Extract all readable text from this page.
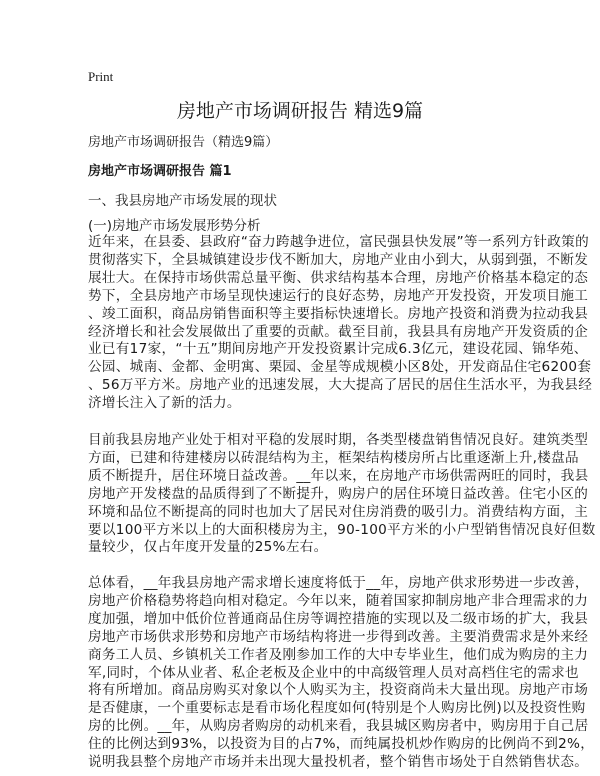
Print
房地产市场调研报告 精选9篇
房地产市场调研报告（精选9篇）
房地产市场调研报告 篇1
一、我县房地产市场发展的现状
(一)房地产市场发展形势分析
近年来，在县委、县政府“奋力跨越争进位，富民强县快发展”等一系列方针政策的
贯彻落实下，全县城镇建设步伐不断加大，房地产业由小到大，从弱到强，不断发
展壮大。在保持市场供需总量平衡、供求结构基本合理，房地产价格基本稳定的态
势下，全县房地产市场呈现快速运行的良好态势，房地产开发投资，开发项目施工
、竣工面积，商品房销售面积等主要指标快速增长。房地产投资和消费为拉动我县
经济增长和社会发展做出了重要的贡献。截至目前，我县具有房地产开发资质的企
业已有17家，“十五”期间房地产开发投资累计完成6.3亿元，建设花园、锦华苑、
公园、城南、金都、金明寓、栗园、金星等成规模小区8处，开发商品住宅6200套
、56万平方米。房地产业的迅速发展，大大提高了居民的居住生活水平，为我县经
济增长注入了新的活力。
目前我县房地产业处于相对平稳的发展时期，各类型楼盘销售情况良好。建筑类型
方面，已建和待建楼房以砖混结构为主，框架结构楼房所占比重逐渐上升,楼盘品
质不断提升，居住环境日益改善。__年以来，在房地产市场供需两旺的同时，我县
房地产开发楼盘的品质得到了不断提升，购房户的居住环境日益改善。住宅小区的
环境和品位不断提高的同时也加大了居民对住房消费的吸引力。消费结构方面，主
要以100平方米以上的大面积楼房为主，90-100平方米的小户型销售情况良好但数
量较少，仅占年度开发量的25%左右。
总体看，__年我县房地产需求增长速度将低于__年，房地产供求形势进一步改善，
房地产价格稳势将趋向相对稳定。今年以来，随着国家抑制房地产非合理需求的力
度加强，增加中低价位普通商品住房等调控措施的实现以及二级市场的扩大，我县
房地产市场供求形势和房地产市场结构将进一步得到改善。主要消费需求是外来经
商务工人员、乡镇机关工作者及刚参加工作的大中专毕业生，他们成为购房的主力
军,同时，个体从业者、私企老板及企业中的中高级管理人员对高档住宅的需求也
将有所增加。商品房购买对象以个人购买为主，投资商尚未大量出现。房地产市场
是否健康，一个重要标志是看市场化程度如何(特别是个人购房比例)以及投资性购
房的比例。__年，从购房者购房的动机来看，我县城区购房者中，购房用于自己居
住的比例达到93%，以投资为目的占7%，而纯属投机炒作购房的比例尚不到2%，
说明我县整个房地产市场并未出现大量投机者，整个销售市场处于自然销售状态。
